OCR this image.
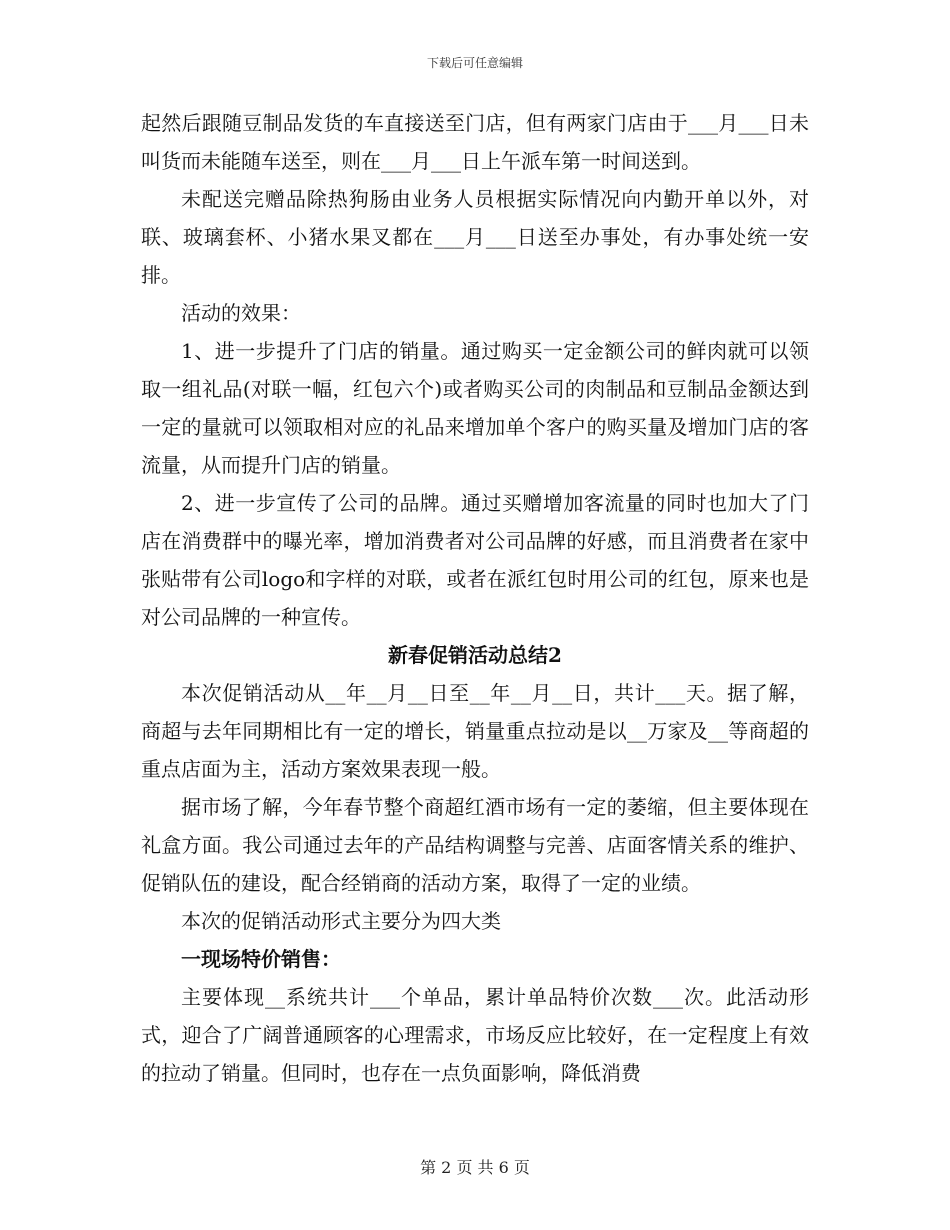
下载后可任意编辑

起然后跟随豆制品发货的车直接送至门店，但有两家门店由于___月___日未叫货而未能随车送至，则在___月___日上午派车第一时间送到。

未配送完赠品除热狗肠由业务人员根据实际情况向内勤开单以外，对联、玻璃套杯、小猪水果叉都在___月___日送至办事处，有办事处统一安排。

活动的效果：

1、进一步提升了门店的销量。通过购买一定金额公司的鲜肉就可以领取一组礼品(对联一幅，红包六个)或者购买公司的肉制品和豆制品金额达到一定的量就可以领取相对应的礼品来增加单个客户的购买量及增加门店的客流量，从而提升门店的销量。

2、进一步宣传了公司的品牌。通过买赠增加客流量的同时也加大了门店在消费群中的曝光率，增加消费者对公司品牌的好感，而且消费者在家中张贴带有公司logo和字样的对联，或者在派红包时用公司的红包，原来也是对公司品牌的一种宣传。

新春促销活动总结2

本次促销活动从__年__月__日至__年__月__日，共计___天。据了解，商超与去年同期相比有一定的增长，销量重点拉动是以__万家及__等商超的重点店面为主，活动方案效果表现一般。

据市场了解，今年春节整个商超红酒市场有一定的萎缩，但主要体现在礼盒方面。我公司通过去年的产品结构调整与完善、店面客情关系的维护、促销队伍的建设，配合经销商的活动方案，取得了一定的业绩。

本次的促销活动形式主要分为四大类

一现场特价销售：

主要体现__系统共计___个单品，累计单品特价次数___次。此活动形式，迎合了广阔普通顾客的心理需求，市场反应比较好，在一定程度上有效的拉动了销量。但同时，也存在一点负面影响，降低消费

第 2 页 共 6 页
